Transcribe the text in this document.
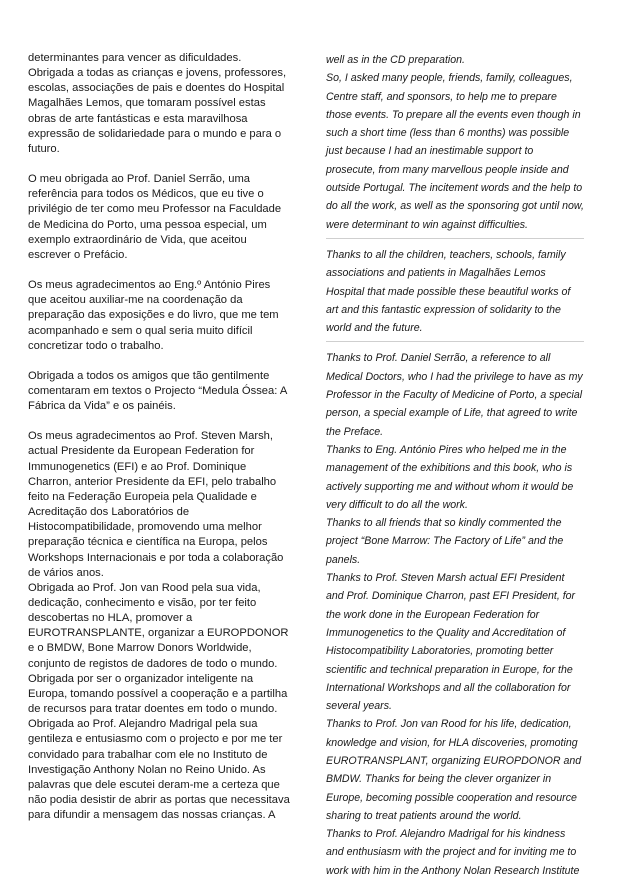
determinantes para vencer as dificuldades.
Obrigada a todas as crianças e jovens, professores, escolas, associações de pais e doentes do Hospital Magalhães Lemos, que tomaram possível estas obras de arte fantásticas e esta maravilhosa expressão de solidariedade para o mundo e para o futuro.

O meu obrigada ao Prof. Daniel Serrão, uma referência para todos os Médicos, que eu tive o privilégio de ter como meu Professor na Faculdade de Medicina do Porto, uma pessoa especial, um exemplo extraordinário de Vida, que aceitou escrever o Prefácio.

Os meus agradecimentos ao Eng.º António Pires que aceitou auxiliar-me na coordenação da preparação das exposições e do livro, que me tem acompanhado e sem o qual seria muito difícil concretizar todo o trabalho.

Obrigada a todos os amigos que tão gentilmente comentaram em textos o Projecto “Medula Óssea: A Fábrica da Vida” e os painéis.

Os meus agradecimentos ao Prof. Steven Marsh, actual Presidente da European Federation for Immunogenetics (EFI) e ao Prof. Dominique Charron, anterior Presidente da EFI, pelo trabalho feito na Federação Europeia pela Qualidade e Acreditação dos Laboratórios de Histocompatibilidade, promovendo uma melhor preparação técnica e científica na Europa, pelos Workshops Internacionais e por toda a colaboração de vários anos.
Obrigada ao Prof. Jon van Rood pela sua vida, dedicação, conhecimento e visão, por ter feito descobertas no HLA, promover a EUROTRANSPLANTE, organizar a EUROPDONOR e o BMDW, Bone Marrow Donors Worldwide, conjunto de registos de dadores de todo o mundo. Obrigada por ser o organizador inteligente na Europa, tomando possível a cooperação e a partilha de recursos para tratar doentes em todo o mundo.
Obrigada ao Prof. Alejandro Madrigal pela sua gentileza e entusiasmo com o projecto e por me ter convidado para trabalhar com ele no Instituto de Investigação Anthony Nolan no Reino Unido. As palavras que dele escutei deram-me a certeza que não podia desistir de abrir as portas que necessitava para difundir a mensagem das nossas crianças. A

well as in the CD preparation.
So, I asked many people, friends, family, colleagues, Centre staff, and sponsors, to help me to prepare those events. To prepare all the events even though in such a short time (less than 6 months) was possible just because I had an inestimable support to prosecute, from many marvellous people inside and outside Portugal. The incitement words and the help to do all the work, as well as the sponsoring got until now, were determinant to win against difficulties.

Thanks to all the children, teachers, schools, family associations and patients in Magalhães Lemos Hospital that made possible these beautiful works of art and this fantastic expression of solidarity to the world and the future.

Thanks to Prof. Daniel Serrão, a reference to all Medical Doctors, who I had the privilege to have as my Professor in the Faculty of Medicine of Porto, a special person, a special example of Life, that agreed to write the Preface.
Thanks to Eng. António Pires who helped me in the management of the exhibitions and this book, who is actively supporting me and without whom it would be very difficult to do all the work.
Thanks to all friends that so kindly commented the project “Bone Marrow: The Factory of Life” and the panels.
Thanks to Prof. Steven Marsh actual EFI President and Prof. Dominique Charron, past EFI President, for the work done in the European Federation for Immunogenetics to the Quality and Accreditation of Histocompatibility Laboratories, promoting better scientific and technical preparation in Europe, for the International Workshops and all the collaboration for several years.
Thanks to Prof. Jon van Rood for his life, dedication, knowledge and vision, for HLA discoveries, promoting EUROTRANSPLANT, organizing EUROPDONOR and BMDW. Thanks for being the clever organizer in Europe, becoming possible cooperation and resource sharing to treat patients around the world.
Thanks to Prof. Alejandro Madrigal for his kindness and enthusiasm with the project and for inviting me to work with him in the Anthony Nolan Research Institute
